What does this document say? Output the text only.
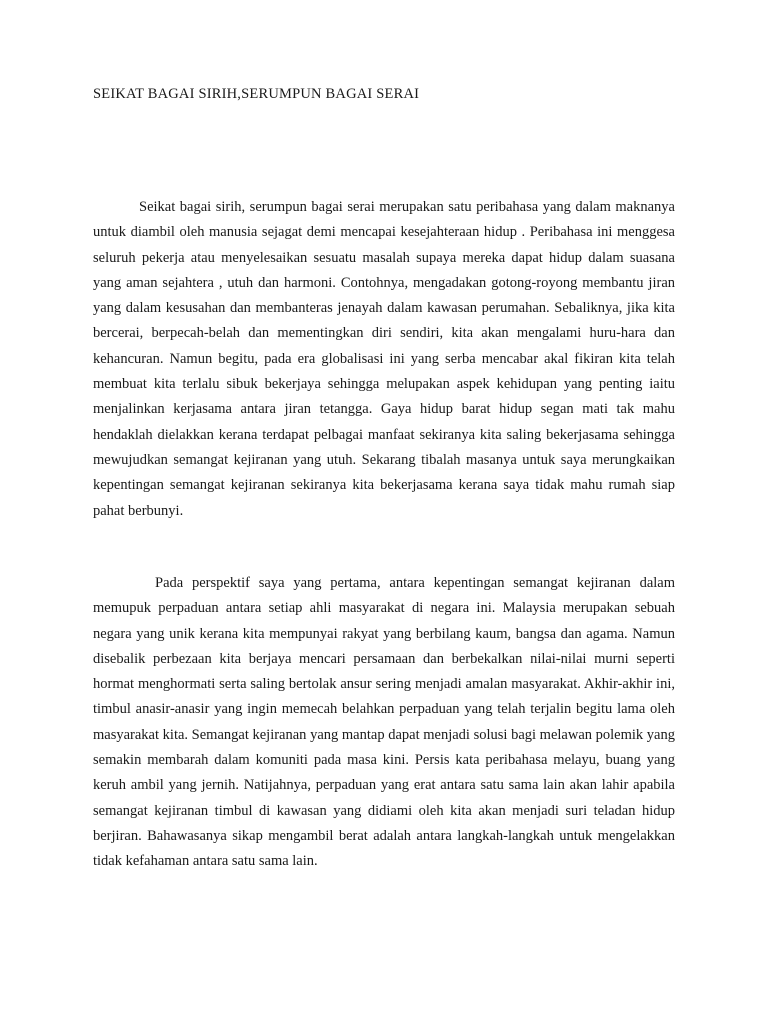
SEIKAT BAGAI SIRIH,SERUMPUN BAGAI SERAI

Seikat bagai sirih, serumpun bagai serai merupakan satu peribahasa yang dalam maknanya untuk diambil oleh manusia sejagat demi mencapai kesejahteraan hidup . Peribahasa ini menggesa seluruh pekerja atau menyelesaikan sesuatu masalah supaya mereka dapat hidup dalam suasana yang aman sejahtera , utuh dan harmoni. Contohnya, mengadakan gotong-royong membantu jiran yang dalam kesusahan dan membanteras jenayah dalam kawasan perumahan. Sebaliknya, jika kita bercerai, berpecah-belah dan mementingkan diri sendiri, kita akan mengalami huru-hara dan kehancuran. Namun begitu, pada era globalisasi ini yang serba mencabar akal fikiran kita telah membuat kita terlalu sibuk bekerjaya sehingga melupakan aspek kehidupan yang penting iaitu menjalinkan kerjasama antara jiran tetangga. Gaya hidup barat hidup segan mati tak mahu hendaklah dielakkan kerana terdapat pelbagai manfaat sekiranya kita saling bekerjasama sehingga mewujudkan semangat kejiranan yang utuh. Sekarang tibalah masanya untuk saya merungkaikan kepentingan semangat kejiranan sekiranya kita bekerjasama kerana saya tidak mahu rumah siap pahat berbunyi.

Pada perspektif saya yang pertama, antara kepentingan semangat kejiranan dalam memupuk perpaduan antara setiap ahli masyarakat di negara ini. Malaysia merupakan sebuah negara yang unik kerana kita mempunyai rakyat yang berbilang kaum, bangsa dan agama. Namun disebalik perbezaan kita berjaya mencari persamaan dan berbekalkan nilai-nilai murni seperti hormat menghormati serta saling bertolak ansur sering menjadi amalan masyarakat. Akhir-akhir ini, timbul anasir-anasir yang ingin memecah belahkan perpaduan yang telah terjalin begitu lama oleh masyarakat kita. Semangat kejiranan yang mantap dapat menjadi solusi bagi melawan polemik yang semakin membarah dalam komuniti pada masa kini. Persis kata peribahasa melayu, buang yang keruh ambil yang jernih. Natijahnya, perpaduan yang erat antara satu sama lain akan lahir apabila semangat kejiranan timbul di kawasan yang didiami oleh kita akan menjadi suri teladan hidup berjiran. Bahawasanya sikap mengambil berat adalah antara langkah-langkah untuk mengelakkan tidak kefahaman antara satu sama lain.
